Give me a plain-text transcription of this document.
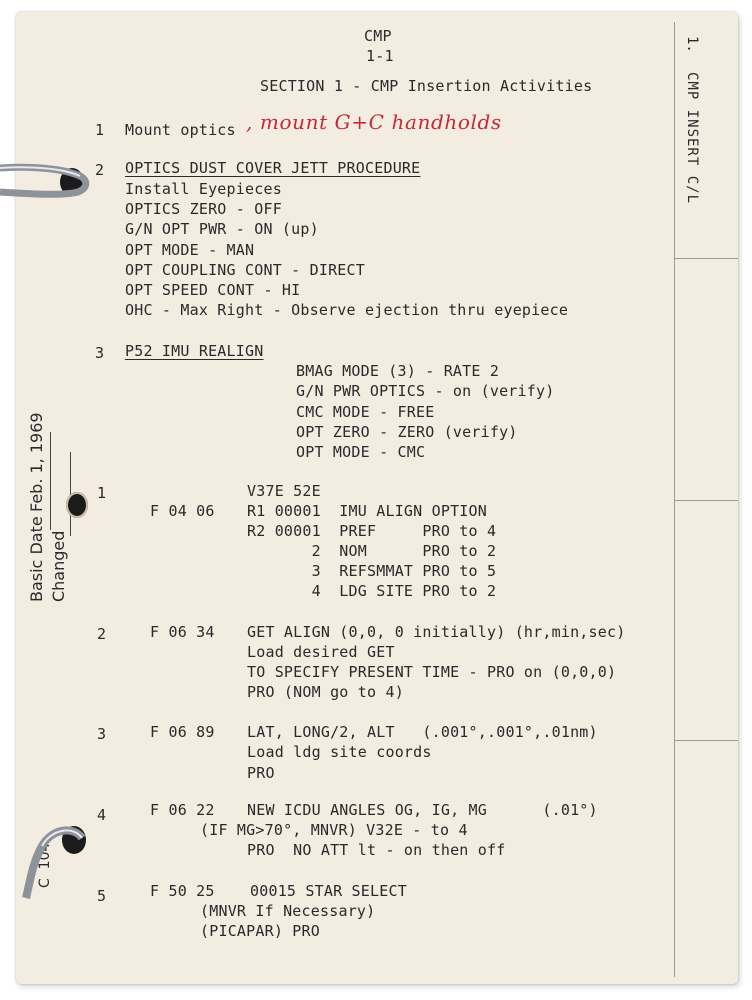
1.
CMP INSERT C/L
CMP
1-1
SECTION 1 - CMP Insertion Activities
1 Mount optics , mount G+C handholds
2 OPTICS DUST COVER JETT PROCEDURE
Install Eyepieces
OPTICS ZERO - OFF
G/N OPT PWR - ON (up)
OPT MODE - MAN
OPT COUPLING CONT - DIRECT
OPT SPEED CONT - HI
OHC - Max Right - Observe ejection thru eyepiece
3 P52 IMU REALIGN
BMAG MODE (3) - RATE 2
G/N PWR OPTICS - on (verify)
CMC MODE - FREE
OPT ZERO - ZERO (verify)
OPT MODE - CMC
1	V37E 52E
F 04 06 R1 00001  IMU ALIGN OPTION
R2 00001  PREF     PRO to 4
2  NOM      PRO to 2
3  REFSMMAT PRO to 5
4  LDG SITE PRO to 2
2	F 06 34 GET ALIGN (0,0, 0 initially) (hr,min,sec)
Load desired GET
TO SPECIFY PRESENT TIME - PRO on (0,0,0)
PRO (NOM go to 4)
3	F 06 89 LAT, LONG/2, ALT   (.001°,.001°,.01nm)
Load ldg site coords
PRO
4	F 06 22 NEW ICDU ANGLES OG, IG, MG      (.01°)
(IF MG>70°, MNVR) V32E - to 4
PRO  NO ATT lt - on then off
5	F 50 25 00015 STAR SELECT
(MNVR If Necessary)
(PICAPAR) PRO
Basic Date Changed
Feb. 1, 1969
C  104
